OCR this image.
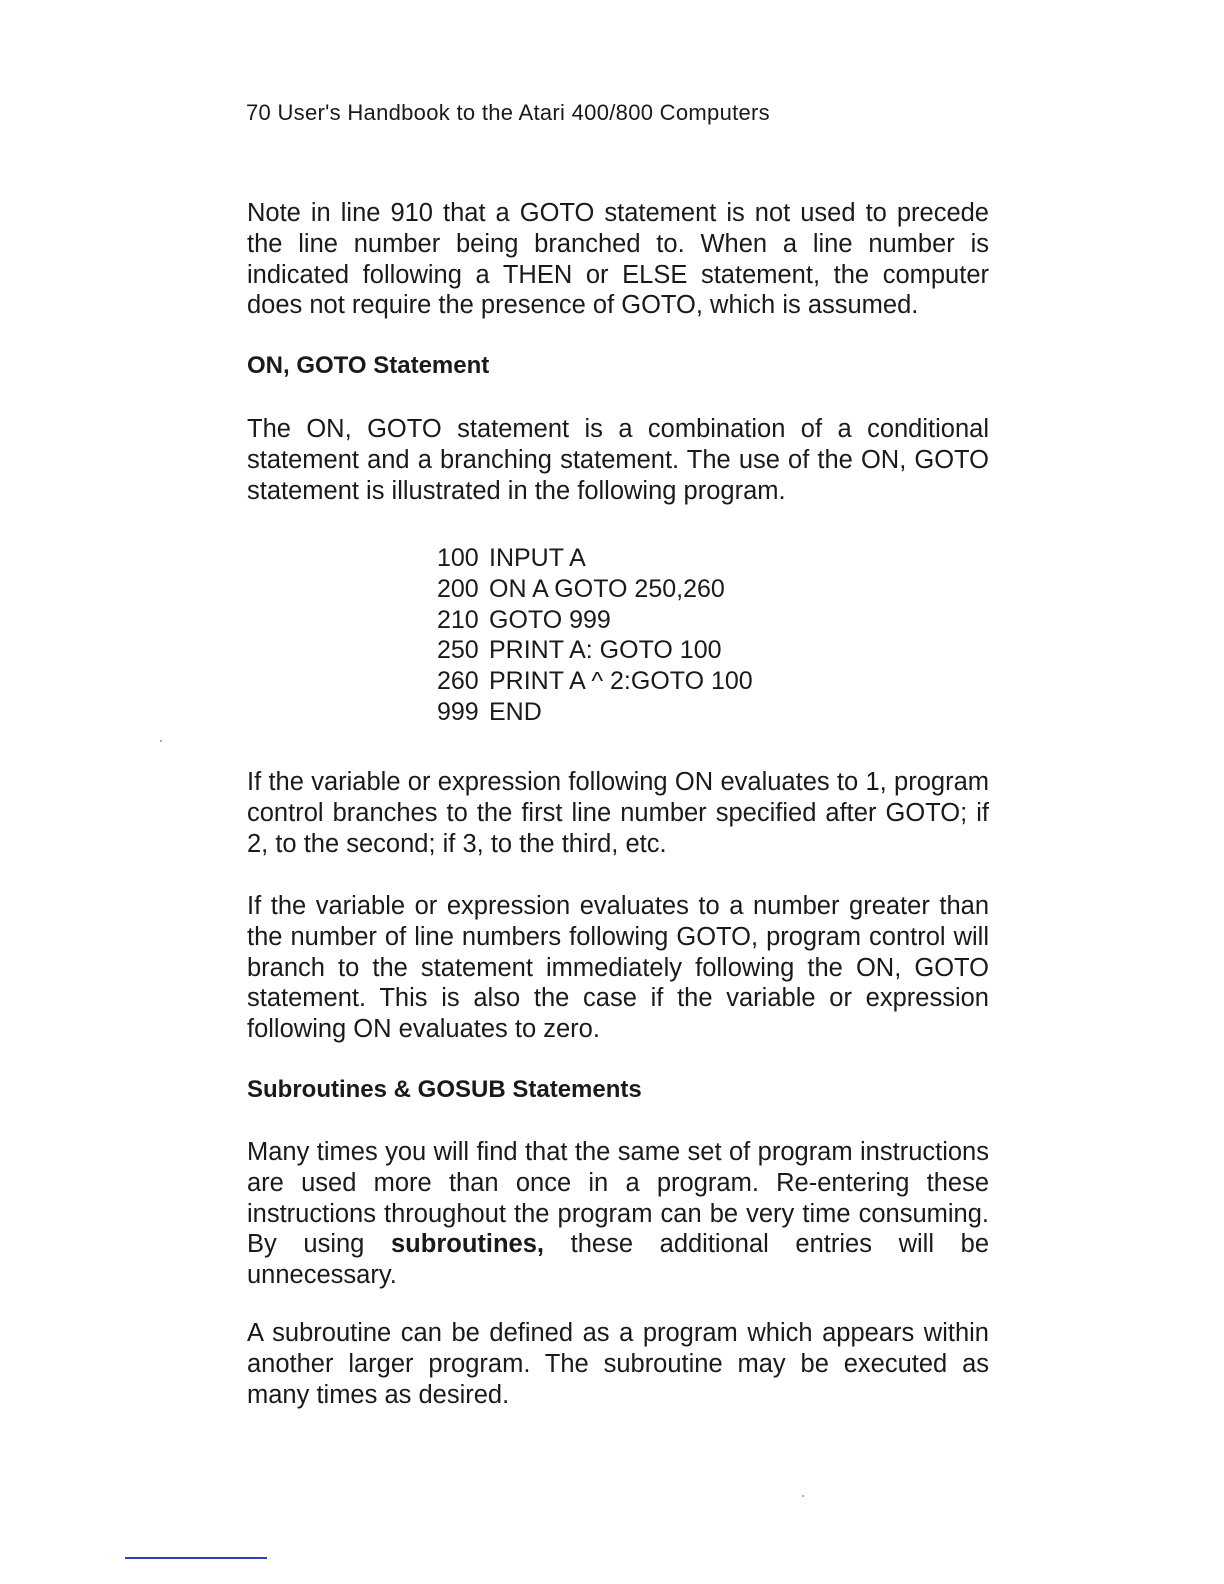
70 User's Handbook to the Atari 400/800 Computers

Note in line 910 that a GOTO statement is not used to precede the line number being branched to. When a line number is indicated following a THEN or ELSE statement, the computer does not require the presence of GOTO, which is assumed.

ON, GOTO Statement

The ON, GOTO statement is a combination of a conditional statement and a branching statement. The use of the ON, GOTO statement is illustrated in the following program.

100 INPUT A
200 ON A GOTO 250,260
210 GOTO 999
250 PRINT A: GOTO 100
260 PRINT A ^ 2:GOTO 100
999 END

If the variable or expression following ON evaluates to 1, program control branches to the first line number specified after GOTO; if 2, to the second; if 3, to the third, etc.

If the variable or expression evaluates to a number greater than the number of line numbers following GOTO, program control will branch to the statement immediately following the ON, GOTO statement. This is also the case if the variable or expression following ON evaluates to zero.

Subroutines & GOSUB Statements

Many times you will find that the same set of program instructions are used more than once in a program. Re-entering these instructions throughout the program can be very time consuming. By using subroutines, these additional entries will be unnecessary.

A subroutine can be defined as a program which appears within another larger program. The subroutine may be executed as many times as desired.
